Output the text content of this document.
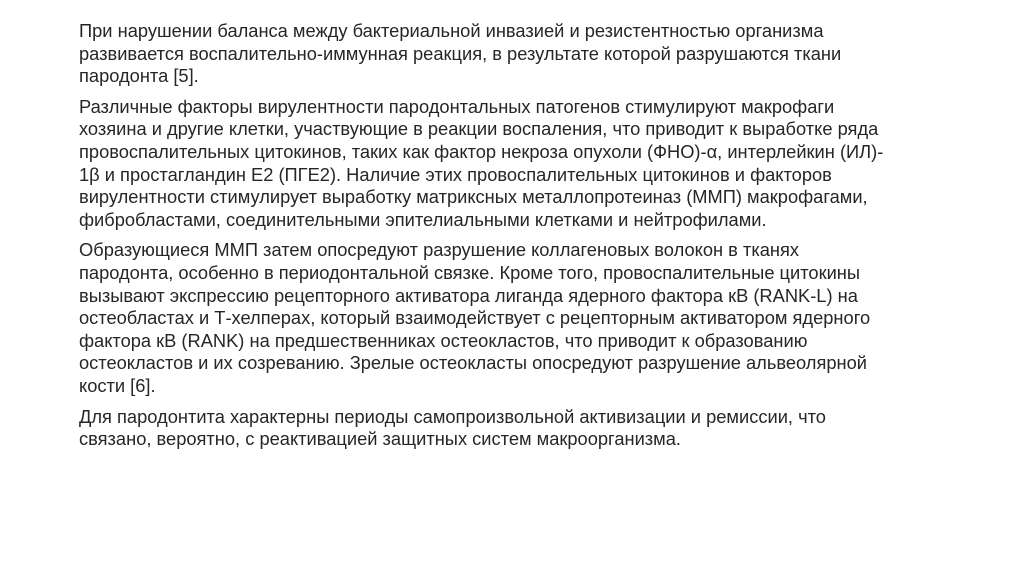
При нарушении баланса между бактериальной инвазией и резистентностью организма
развивается воспалительно-иммунная реакция, в результате которой разрушаются ткани
пародонта [5].

Различные факторы вирулентности пародонтальных патогенов стимулируют макрофаги
хозяина и другие клетки, участвующие в реакции воспаления, что приводит к выработке ряда
провоспалительных цитокинов, таких как фактор некроза опухоли (ФНО)-α, интерлейкин (ИЛ)-
1β и простагландин E2 (ПГЕ2). Наличие этих провоспалительных цитокинов и факторов
вирулентности стимулирует выработку матриксных металлопротеиназ (ММП) макрофагами,
фибробластами, соединительными эпителиальными клетками и нейтрофилами.

Образующиеся ММП затем опосредуют разрушение коллагеновых волокон в тканях
пародонта, особенно в периодонтальной связке. Кроме того, провоспалительные цитокины
вызывают экспрессию рецепторного активатора лиганда ядерного фактора кВ (RANK-L) на
остеобластах и Т-хелперах, который взаимодействует с рецепторным активатором ядерного
фактора кВ (RANK) на предшественниках остеокластов, что приводит к образованию
остеокластов и их созреванию. Зрелые остеокласты опосредуют разрушение альвеолярной
кости [6].

Для пародонтита характерны периоды самопроизвольной активизации и ремиссии, что
связано, вероятно, с реактивацией защитных систем макроорганизма.
